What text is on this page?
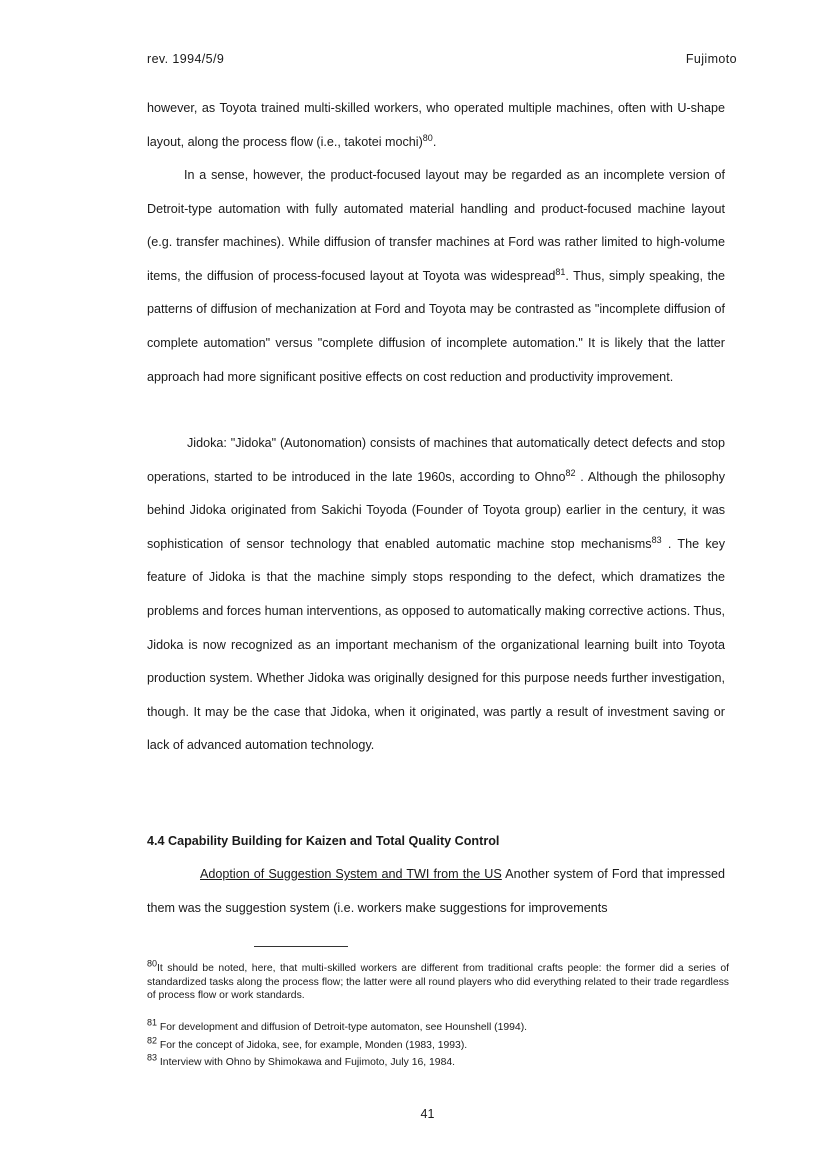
rev. 1994/5/9	Fujimoto
however, as Toyota trained multi-skilled workers, who operated multiple machines, often with U-shape layout, along the process flow (i.e., takotei mochi)$^{80}$.
In a sense, however, the product-focused layout may be regarded as an incomplete version of Detroit-type automation with fully automated material handling and product-focused machine layout (e.g. transfer machines). While diffusion of transfer machines at Ford was rather limited to high-volume items, the diffusion of process-focused layout at Toyota was widespread$^{81}$. Thus, simply speaking, the patterns of diffusion of mechanization at Ford and Toyota may be contrasted as "incomplete diffusion of complete automation" versus "complete diffusion of incomplete automation." It is likely that the latter approach had more significant positive effects on cost reduction and productivity improvement.
Jidoka: "Jidoka" (Autonomation) consists of machines that automatically detect defects and stop operations, started to be introduced in the late 1960s, according to Ohno$^{82}$ . Although the philosophy behind Jidoka originated from Sakichi Toyoda (Founder of Toyota group) earlier in the century, it was sophistication of sensor technology that enabled automatic machine stop mechanisms$^{83}$ . The key feature of Jidoka is that the machine simply stops responding to the defect, which dramatizes the problems and forces human interventions, as opposed to automatically making corrective actions. Thus, Jidoka is now recognized as an important mechanism of the organizational learning built into Toyota production system. Whether Jidoka was originally designed for this purpose needs further investigation, though. It may be the case that Jidoka, when it originated, was partly a result of investment saving or lack of advanced automation technology.
4.4 Capability Building for Kaizen and Total Quality Control
Adoption of Suggestion System and TWI from the US Another system of Ford that impressed them was the suggestion system (i.e. workers make suggestions for improvements
$^{80}$It should be noted, here, that multi-skilled workers are different from traditional crafts people: the former did a series of standardized tasks along the process flow; the latter were all round players who did everything related to their trade regardless of process flow or work standards.
$^{81}$ For development and diffusion of Detroit-type automaton, see Hounshell (1994).
$^{82}$ For the concept of Jidoka, see, for example, Monden (1983, 1993).
$^{83}$ Interview with Ohno by Shimokawa and Fujimoto, July 16, 1984.
41
